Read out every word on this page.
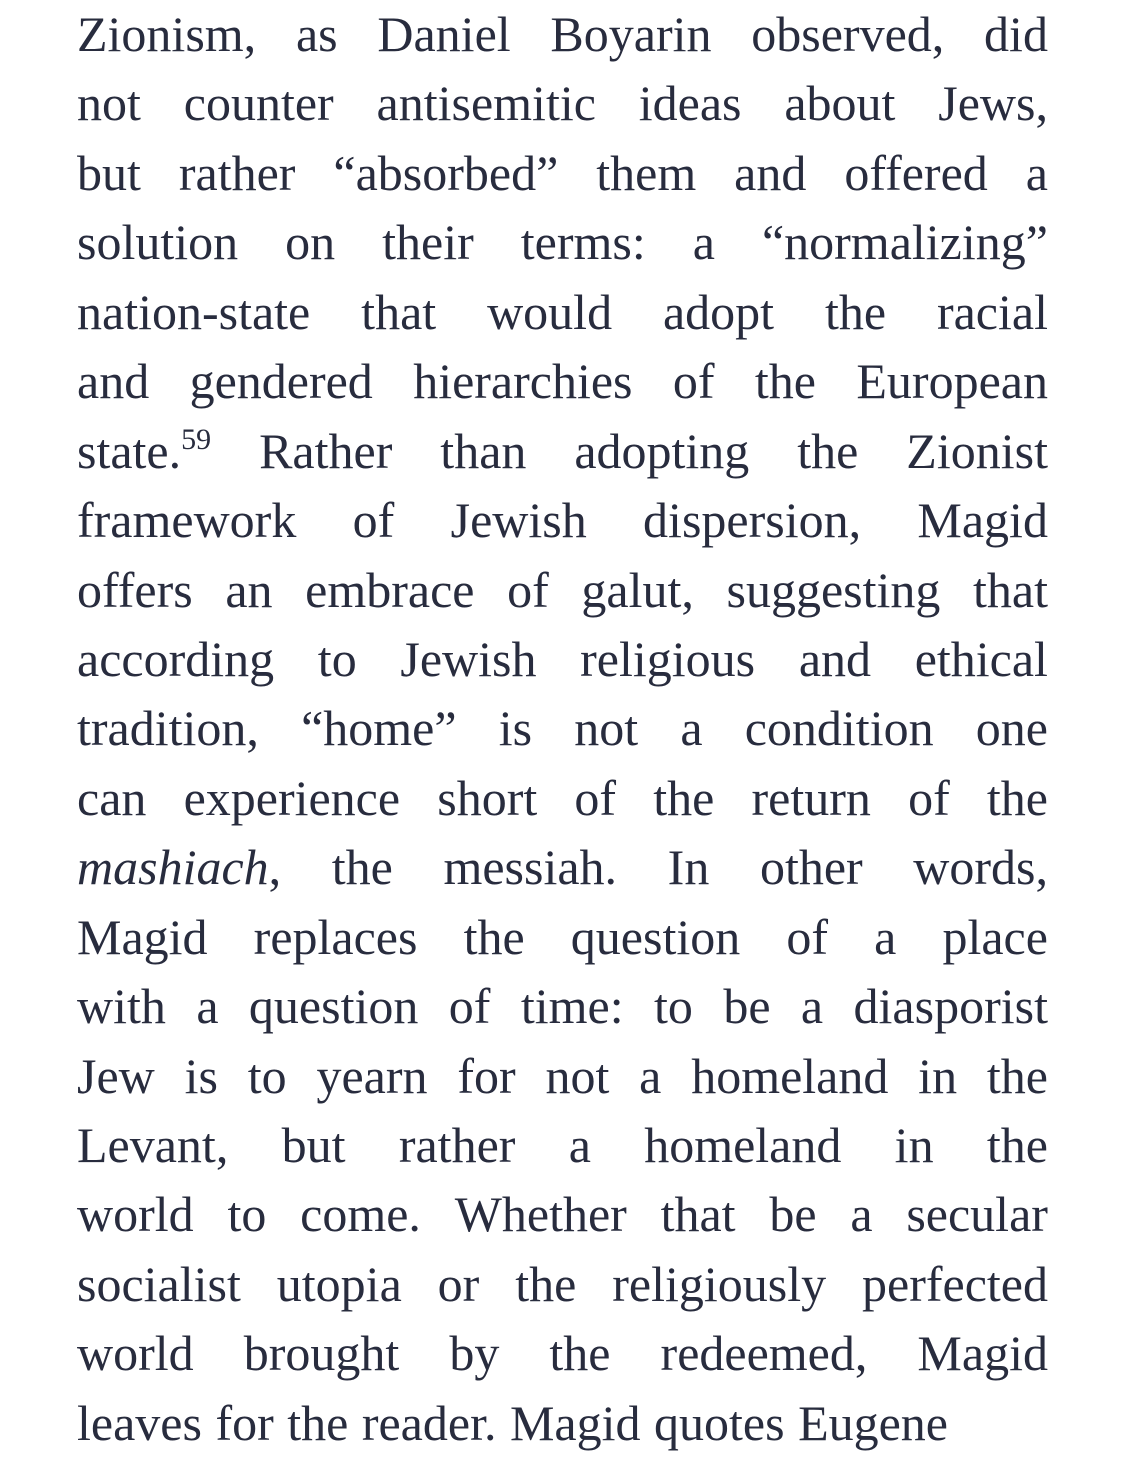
Zionism, as Daniel Boyarin observed, did
not counter antisemitic ideas about Jews,
but rather “absorbed” them and offered a
solution on their terms: a “normalizing”
nation-state that would adopt the racial
and gendered hierarchies of the European
state.$^{59}$ Rather than adopting the Zionist
framework of Jewish dispersion, Magid
offers an embrace of galut, suggesting that
according to Jewish religious and ethical
tradition, “home” is not a condition one
can experience short of the return of the
mashiach, the messiah. In other words,
Magid replaces the question of a place
with a question of time: to be a diasporist
Jew is to yearn for not a homeland in the
Levant, but rather a homeland in the
world to come. Whether that be a secular
socialist utopia or the religiously perfected
world brought by the redeemed, Magid
leaves for the reader. Magid quotes Eugene
